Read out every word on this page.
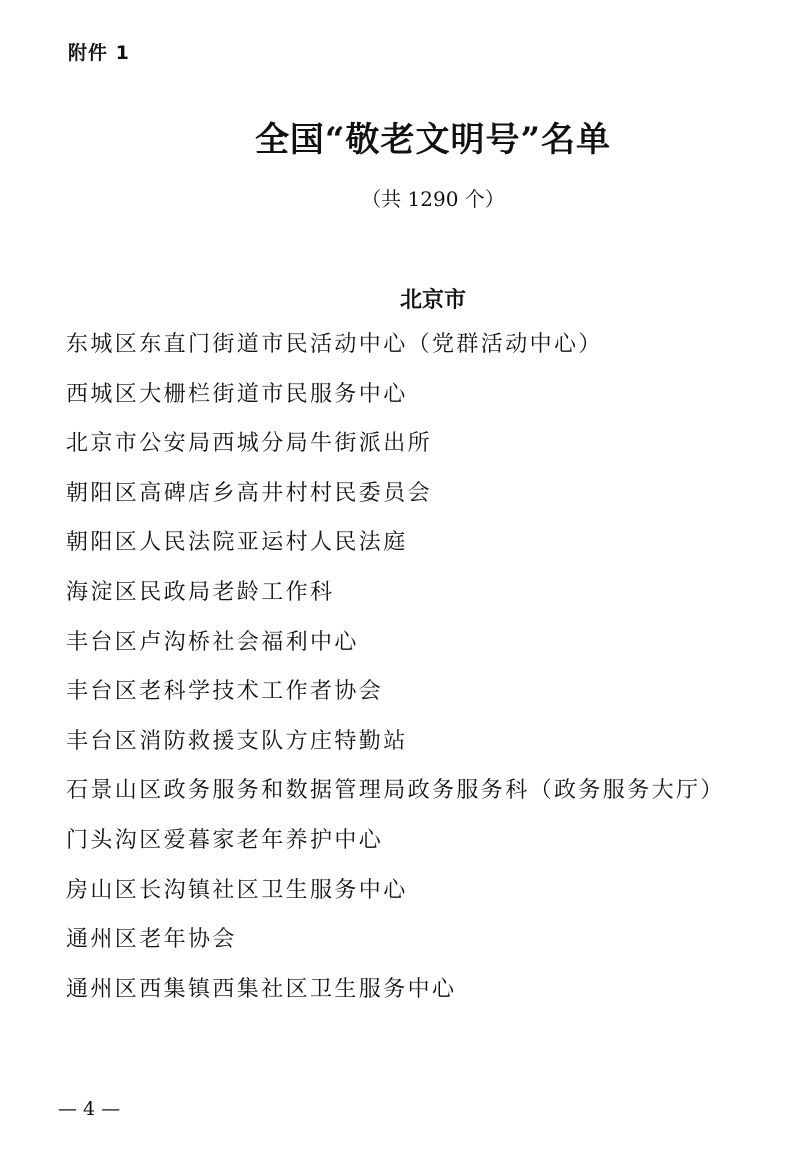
附件 1
全国“敬老文明号”名单
（共 1290 个）
北京市
东城区东直门街道市民活动中心（党群活动中心）
西城区大栅栏街道市民服务中心
北京市公安局西城分局牛街派出所
朝阳区高碑店乡高井村村民委员会
朝阳区人民法院亚运村人民法庭
海淀区民政局老龄工作科
丰台区卢沟桥社会福利中心
丰台区老科学技术工作者协会
丰台区消防救援支队方庄特勤站
石景山区政务服务和数据管理局政务服务科（政务服务大厅）
门头沟区爱暮家老年养护中心
房山区长沟镇社区卫生服务中心
通州区老年协会
通州区西集镇西集社区卫生服务中心
— 4 —
